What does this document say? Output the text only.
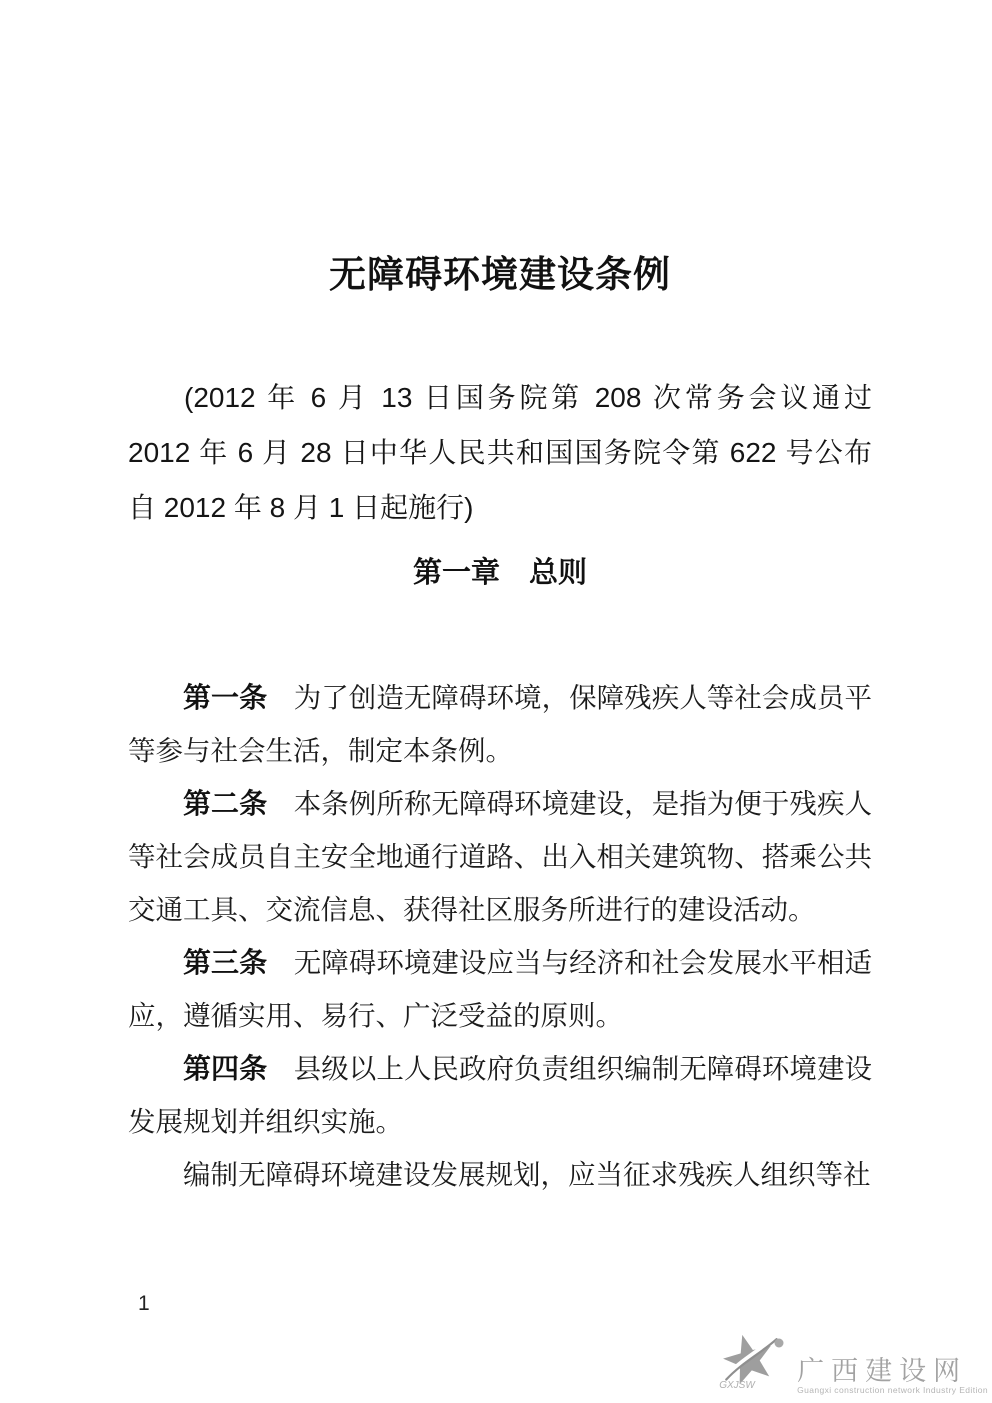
无障碍环境建设条例

(2012 年 6 月 13 日国务院第 208 次常务会议通过　2012 年 6 月 28 日中华人民共和国国务院令第 622 号公布　自 2012 年 8 月 1 日起施行)

第一章　总则

第一条 为了创造无障碍环境，保障残疾人等社会成员平等参与社会生活，制定本条例。

第二条 本条例所称无障碍环境建设，是指为便于残疾人等社会成员自主安全地通行道路、出入相关建筑物、搭乘公共交通工具、交流信息、获得社区服务所进行的建设活动。

第三条 无障碍环境建设应当与经济和社会发展水平相适应，遵循实用、易行、广泛受益的原则。

第四条 县级以上人民政府负责组织编制无障碍环境建设发展规划并组织实施。

编制无障碍环境建设发展规划，应当征求残疾人组织等社

1
GXJSW 广西建设网
Guangxi construction network Industry Edition
